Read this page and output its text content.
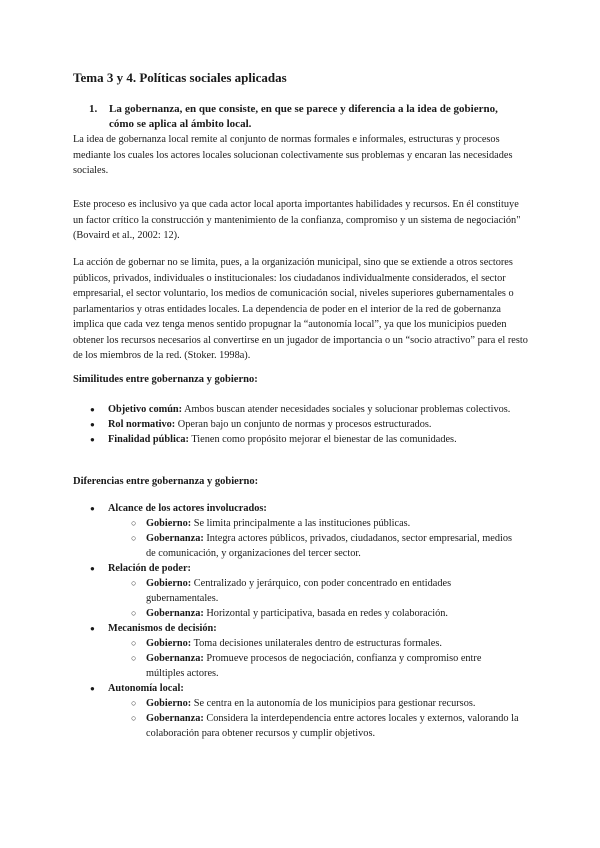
Tema 3 y 4. Políticas sociales aplicadas
1.	La gobernanza, en que consiste, en que se parece y diferencia a la idea de gobierno, cómo se aplica al ámbito local.

La idea de gobernanza local remite al conjunto de normas formales e informales, estructuras y procesos mediante los cuales los actores locales solucionan colectivamente sus problemas y encaran las necesidades sociales.

Este proceso es inclusivo ya que cada actor local aporta importantes habilidades y recursos. En él constituye un factor crítico la construcción y mantenimiento de la confianza, compromiso y un sistema de negociación" (Bovaird et al., 2002: 12).

La acción de gobernar no se limita, pues, a la organización municipal, sino que se extiende a otros sectores públicos, privados, individuales o institucionales: los ciudadanos individualmente considerados, el sector empresarial, el sector voluntario, los medios de comunicación social, niveles superiores gubernamentales o parlamentarios y otras entidades locales. La dependencia de poder en el interior de la red de gobernanza implica que cada vez tenga menos sentido propugnar la “autonomía local”, ya que los municipios pueden obtener los recursos necesarios al convertirse en un jugador de importancia o un “socio atractivo” para el resto de los miembros de la red. (Stoker. 1998a).

Similitudes entre gobernanza y gobierno:
● Objetivo común: Ambos buscan atender necesidades sociales y solucionar problemas colectivos.
● Rol normativo: Operan bajo un conjunto de normas y procesos estructurados.
● Finalidad pública: Tienen como propósito mejorar el bienestar de las comunidades.
Diferencias entre gobernanza y gobierno:
● Alcance de los actores involucrados:
○ Gobierno: Se limita principalmente a las instituciones públicas.
○ Gobernanza: Integra actores públicos, privados, ciudadanos, sector empresarial, medios de comunicación, y organizaciones del tercer sector.
● Relación de poder:
○ Gobierno: Centralizado y jerárquico, con poder concentrado en entidades gubernamentales.
○ Gobernanza: Horizontal y participativa, basada en redes y colaboración.
● Mecanismos de decisión:
○ Gobierno: Toma decisiones unilaterales dentro de estructuras formales.
○ Gobernanza: Promueve procesos de negociación, confianza y compromiso entre múltiples actores.
● Autonomía local:
○ Gobierno: Se centra en la autonomía de los municipios para gestionar recursos.
○ Gobernanza: Considera la interdependencia entre actores locales y externos, valorando la colaboración para obtener recursos y cumplir objetivos.
